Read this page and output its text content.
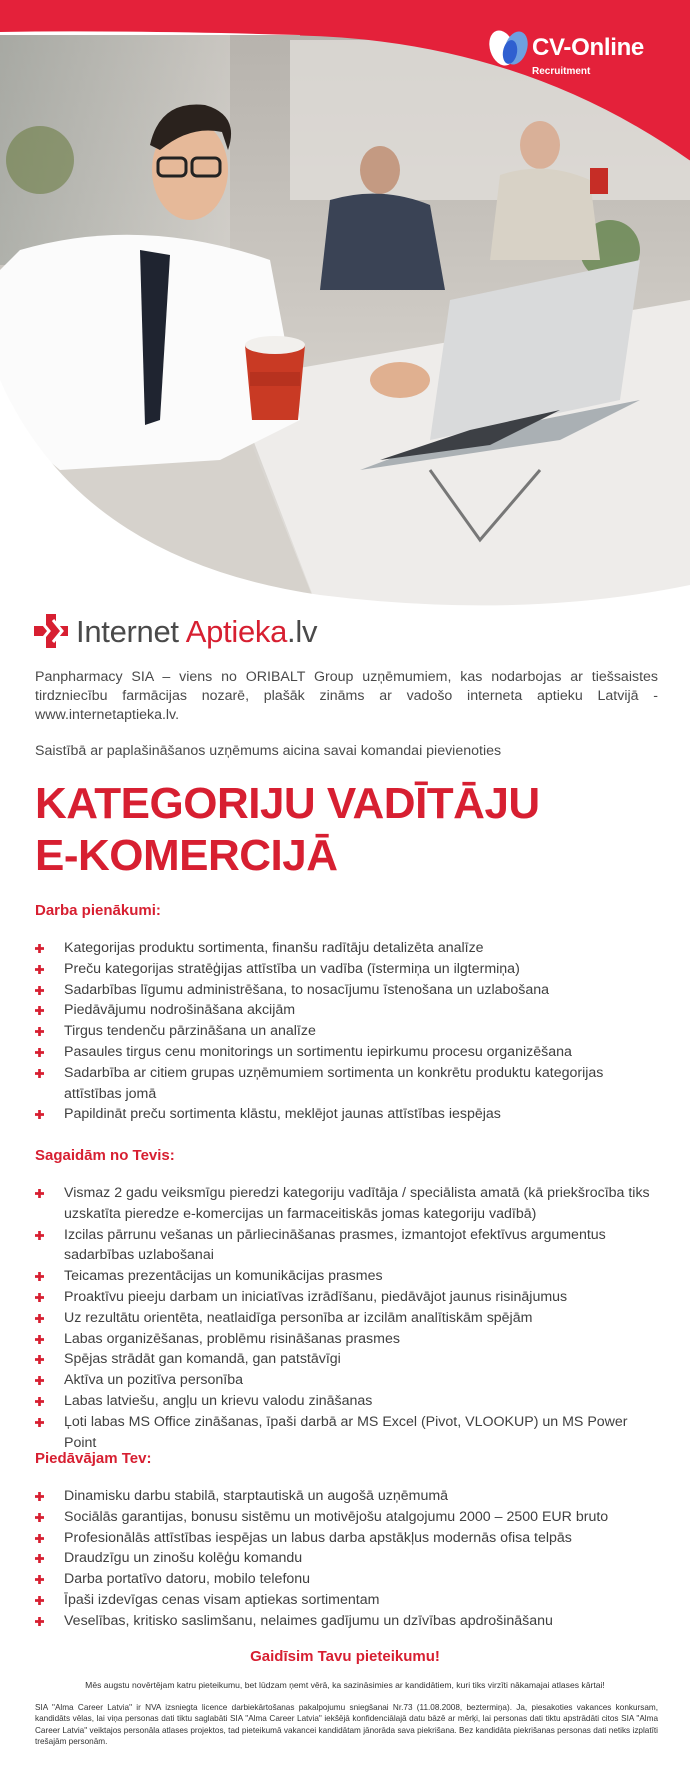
CV-Online
Recruitment
Internet Aptieka.lv
Panpharmacy SIA – viens no ORIBALT Group uzņēmumiem, kas nodarbojas ar tiešsaistes tirdzniecību farmācijas nozarē, plašāk zināms ar vadošo interneta aptieku Latvijā - www.internetaptieka.lv.
Saistībā ar paplašināšanos uzņēmums aicina savai komandai pievienoties
KATEGORIJU VADĪTĀJU
E-KOMERCIJĀ
Darba pienākumi:
Kategorijas produktu sortimenta, finanšu radītāju detalizēta analīze
Preču kategorijas stratēģijas attīstība un vadība (īstermiņa un ilgtermiņa)
Sadarbības līgumu administrēšana, to nosacījumu īstenošana un uzlabošana
Piedāvājumu nodrošināšana akcijām
Tirgus tendenču pārzināšana un analīze
Pasaules tirgus cenu monitorings un sortimentu iepirkumu procesu organizēšana
Sadarbība ar citiem grupas uzņēmumiem sortimenta un konkrētu produktu kategorijas attīstības jomā
Papildināt preču sortimenta klāstu, meklējot jaunas attīstības iespējas
Sagaidām no Tevis:
Vismaz 2 gadu veiksmīgu pieredzi kategoriju vadītāja / speciālista amatā (kā priekšrocība tiks uzskatīta pieredze e-komercijas un farmaceitiskās jomas kategoriju vadībā)
Izcilas pārrunu vešanas un pārliecināšanas prasmes, izmantojot efektīvus argumentus sadarbības uzlabošanai
Teicamas prezentācijas un komunikācijas prasmes
Proaktīvu pieeju darbam un iniciatīvas izrādīšanu, piedāvājot jaunus risinājumus
Uz rezultātu orientēta, neatlaidīga personība ar izcilām analītiskām spējām
Labas organizēšanas, problēmu risināšanas prasmes
Spējas strādāt gan komandā, gan patstāvīgi
Aktīva un pozitīva personība
Labas latviešu, angļu un krievu valodu zināšanas
Ļoti labas MS Office zināšanas, īpaši darbā ar MS Excel (Pivot, VLOOKUP) un MS Power Point
Piedāvājam Tev:
Dinamisku darbu stabilā, starptautiskā un augošā uzņēmumā
Sociālās garantijas, bonusu sistēmu un motivējošu atalgojumu 2000 – 2500 EUR bruto
Profesionālās attīstības iespējas un labus darba apstākļus modernās ofisa telpās
Draudzīgu un zinošu kolēģu komandu
Darba portatīvo datoru, mobilo telefonu
Īpaši izdevīgas cenas visam aptiekas sortimentam
Veselības, kritisko saslimšanu, nelaimes gadījumu un dzīvības apdrošināšanu
Gaidīsim Tavu pieteikumu!
Mēs augstu novērtējam katru pieteikumu, bet lūdzam ņemt vērā, ka sazināsimies ar kandidātiem, kuri tiks virzīti nākamajai atlases kārtai!
SIA "Alma Career Latvia" ir NVA izsniegta licence darbiekārtošanas pakalpojumu sniegšanai Nr.73 (11.08.2008, beztermiņa). Ja, piesakoties vakances konkursam, kandidāts vēlas, lai viņa personas dati tiktu saglabāti SIA "Alma Career Latvia" iekšējā konfidenciālajā datu bāzē ar mērķi, lai personas dati tiktu apstrādāti citos SIA "Alma Career Latvia" veiktajos personāla atlases projektos, tad pieteikumā vakancei kandidātam jānorāda sava piekrišana. Bez kandidāta piekrišanas personas dati netiks izplatīti trešajām personām.
